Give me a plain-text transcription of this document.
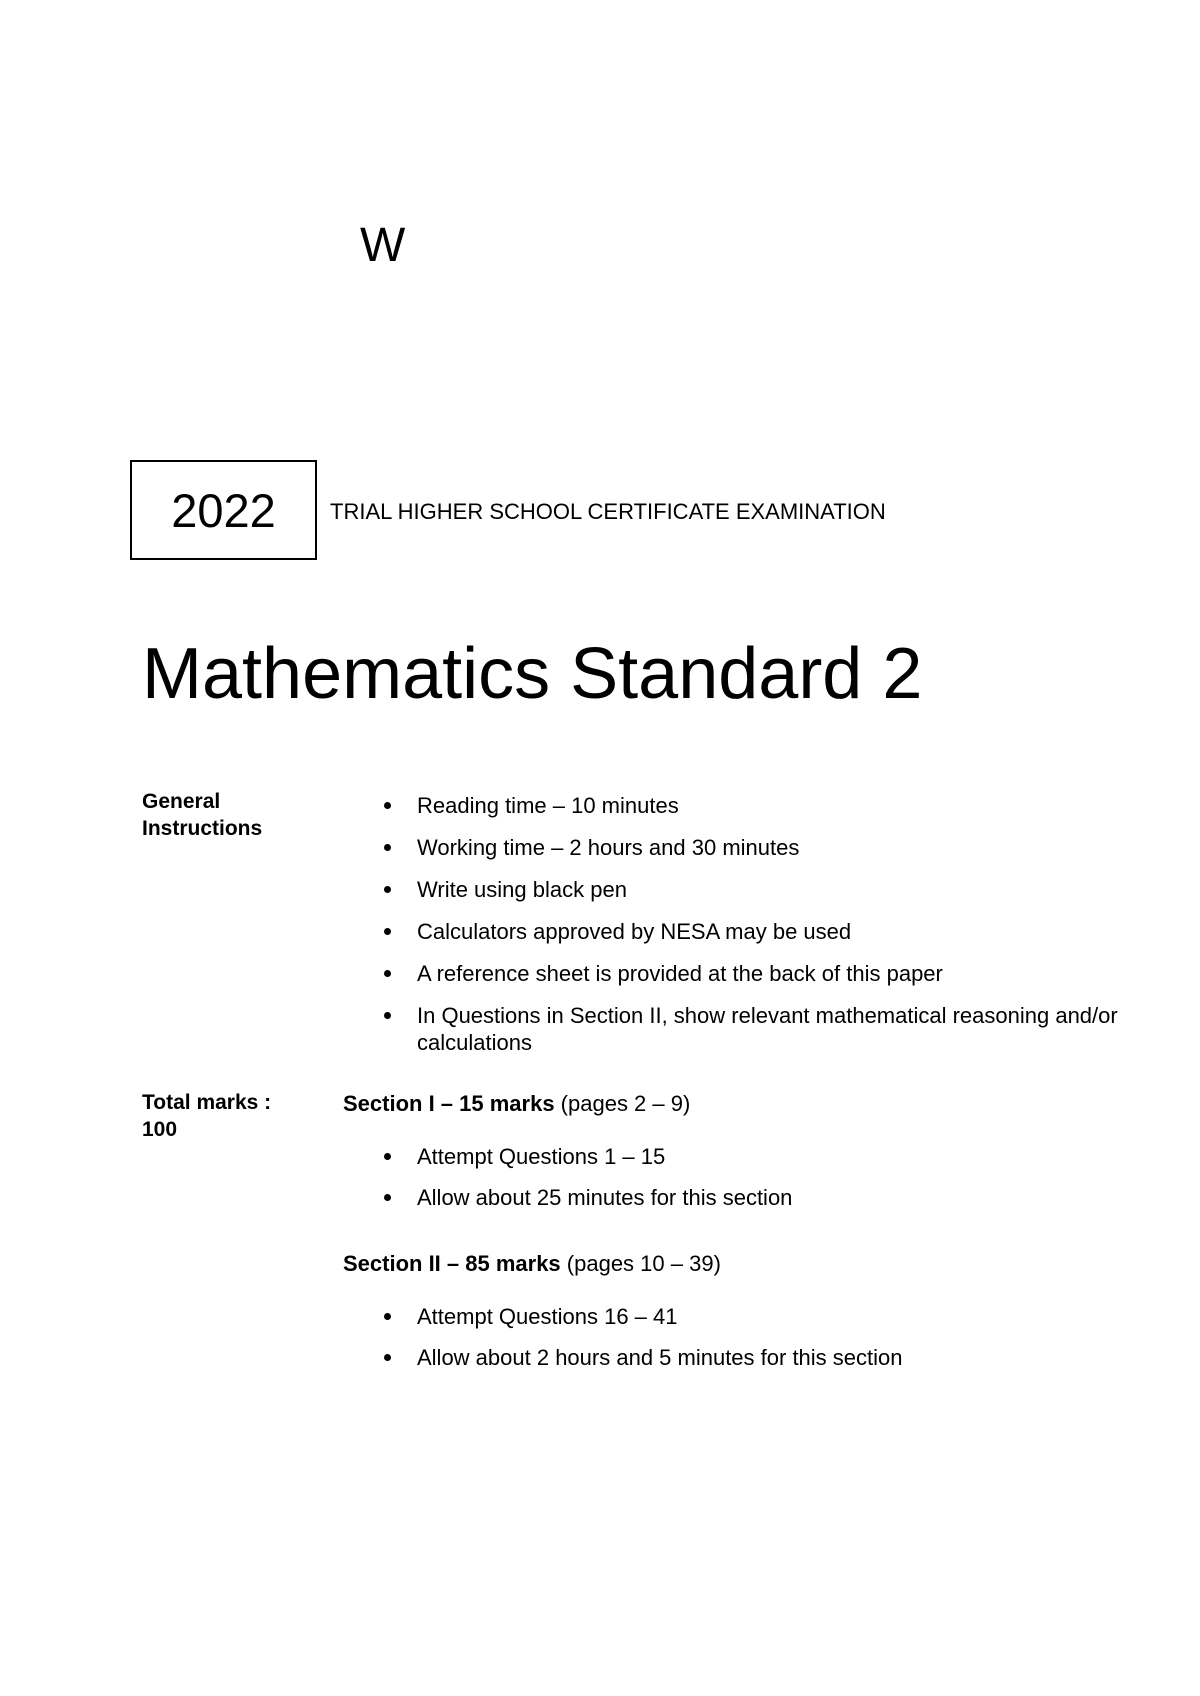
W
2022 TRIAL HIGHER SCHOOL CERTIFICATE EXAMINATION
Mathematics Standard 2
General
Instructions
Reading time – 10 minutes
Working time – 2 hours and 30 minutes
Write using black pen
Calculators approved by NESA may be used
A reference sheet is provided at the back of this paper
In Questions in Section II, show relevant mathematical reasoning and/or calculations
Total marks :
100
Section I – 15 marks (pages 2 – 9)
Attempt Questions 1 – 15
Allow about 25 minutes for this section
Section II – 85 marks (pages 10 – 39)
Attempt Questions 16 – 41
Allow about 2 hours and 5 minutes for this section
